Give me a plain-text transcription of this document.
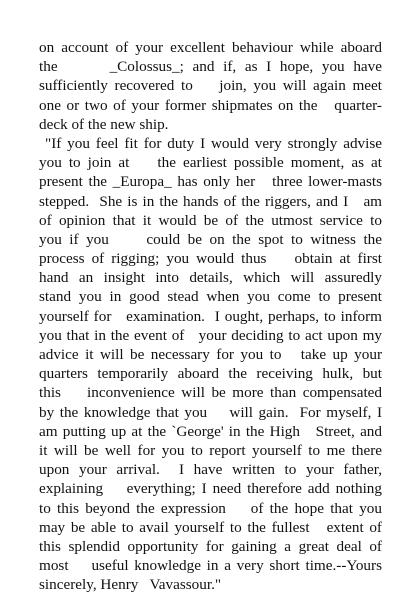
on account of your excellent behaviour while aboard
the      _Colossus_; and if, as I hope, you have
sufficiently recovered to    join, you will again meet
one or two of your former shipmates on the   quarter-
deck of the new ship.
"If you feel fit for duty I would very strongly advise
you to join at    the earliest possible moment, as at
present the _Europa_ has only her   three lower-masts
stepped.  She is in the hands of the riggers, and I   am
of opinion that it would be of the utmost service to
you if you     could be on the spot to witness the
process of rigging; you would thus    obtain at first
hand an insight into details, which will assuredly
stand you in good stead when you come to present
yourself for   examination.  I ought, perhaps, to inform
you that in the event of   your deciding to act upon my
advice it will be necessary for you to   take up your
quarters temporarily aboard the receiving hulk, but
this    inconvenience will be more than compensated
by the knowledge that you    will gain.  For myself, I
am putting up at the `George' in the High   Street, and
it will be well for you to report yourself to me there
upon your arrival.  I have written to your father,
explaining    everything; I need therefore add nothing
to this beyond the expression    of the hope that you
may be able to avail yourself to the fullest   extent of
this splendid opportunity for gaining a great deal of
most    useful knowledge in a very short time.--Yours
sincerely, Henry   Vavassour."
